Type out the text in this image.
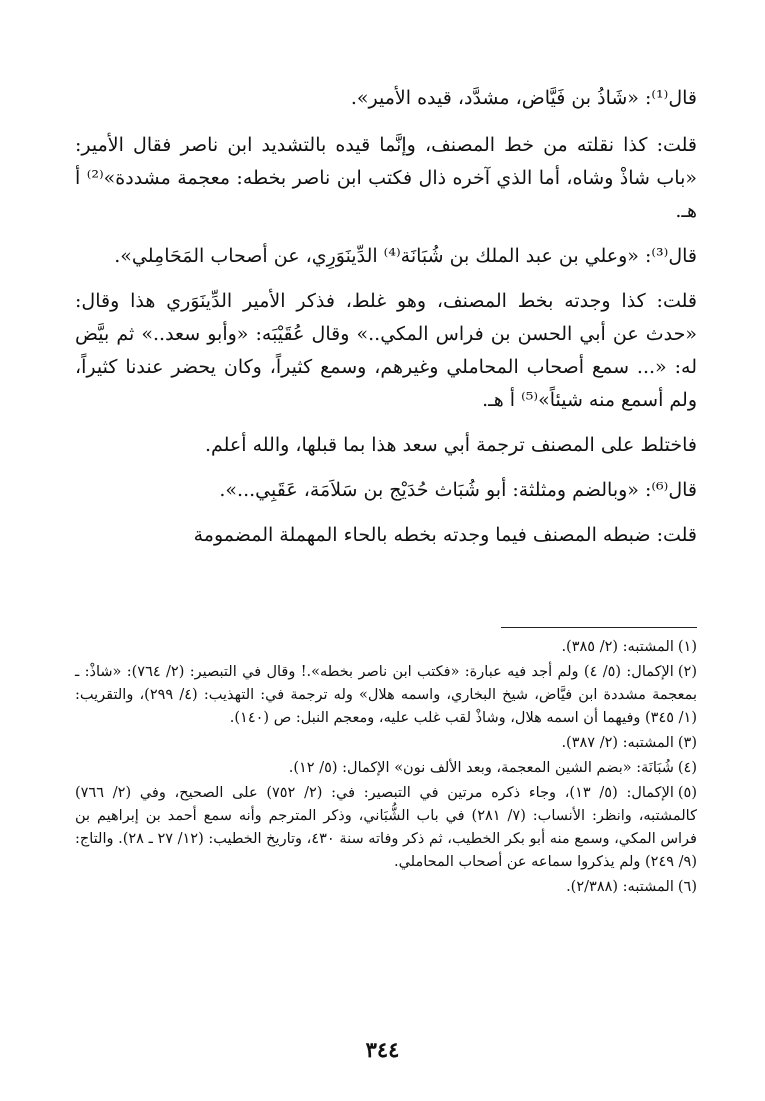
قال⁽¹⁾: «شَاذُ بن فَيَّاض، مشدَّد، قيده الأمير».

قلت: كذا نقلته من خط المصنف، وإنَّما قيده بالتشديد ابن ناصر فقال الأمير: «باب شاذْ وشاه، أما الذي آخره ذال فكتب ابن ناصر بخطه: معجمة مشددة»⁽²⁾ أ هـ.

قال⁽³⁾: «وعلي بن عبد الملك بن شُبَانَة⁽⁴⁾ الدِّينَوَرِي، عن أصحاب المَحَامِلي».

قلت: كذا وجدته بخط المصنف، وهو غلط، فذكر الأمير الدِّينَوَري هذا وقال: «حدث عن أبي الحسن بن فراس المكي..» وقال عُقَيْبَه: «وأبو سعد..» ثم بيَّض له: «... سمع أصحاب المحاملي وغيرهم، وسمع كثيراً، وكان يحضر عندنا كثيراً، ولم أسمع منه شيئاً»⁽⁵⁾ أ هـ.

فاختلط على المصنف ترجمة أبي سعد هذا بما قبلها، والله أعلم.

قال⁽⁶⁾: «وبالضم ومثلثة: أبو شُبَاث حُدَيْج بن سَلاَمَة، عَقَبِي...».

قلت: ضبطه المصنف فيما وجدته بخطه بالحاء المهملة المضمومة

(١)المشتبه: (٢/ ٣٨٥).

(٢)الإكمال: (٥/ ٤) ولم أجد فيه عبارة: «فكتب ابن ناصر بخطه».! وقال في التبصير: (٢/ ٧٦٤): «شاذْ: ـ بمعجمة مشددة ابن فيَّاض، شيخ البخاري، واسمه هلال» وله ترجمة في: التهذيب: (٤/ ٢٩٩)، والتقريب: (١/ ٣٤٥) وفيهما أن اسمه هلال، وشاذْ لقب غلب عليه، ومعجم النبل: ص (١٤٠).

(٣)المشتبه: (٢/ ٣٨٧).

(٤)شُبَانَة: «بضم الشين المعجمة، وبعد الألف نون» الإكمال: (٥/ ١٢).

(٥)الإكمال: (٥/ ١٣)، وجاء ذكره مرتين في التبصير: في: (٢/ ٧٥٢) على الصحيح، وفي (٢/ ٧٦٦) كالمشتبه، وانظر: الأنساب: (٧/ ٢٨١) في باب الشُّبَاني، وذكر المترجم وأنه سمع أحمد بن إبراهيم بن فراس المكي، وسمع منه أبو بكر الخطيب، ثم ذكر وفاته سنة ٤٣٠، وتاريخ الخطيب: (١٢/ ٢٧ ـ ٢٨). والتاج: (٩/ ٢٤٩) ولم يذكروا سماعه عن أصحاب المحاملي.

(٦)المشتبه: (٢/٣٨٨).

٣٤٤
